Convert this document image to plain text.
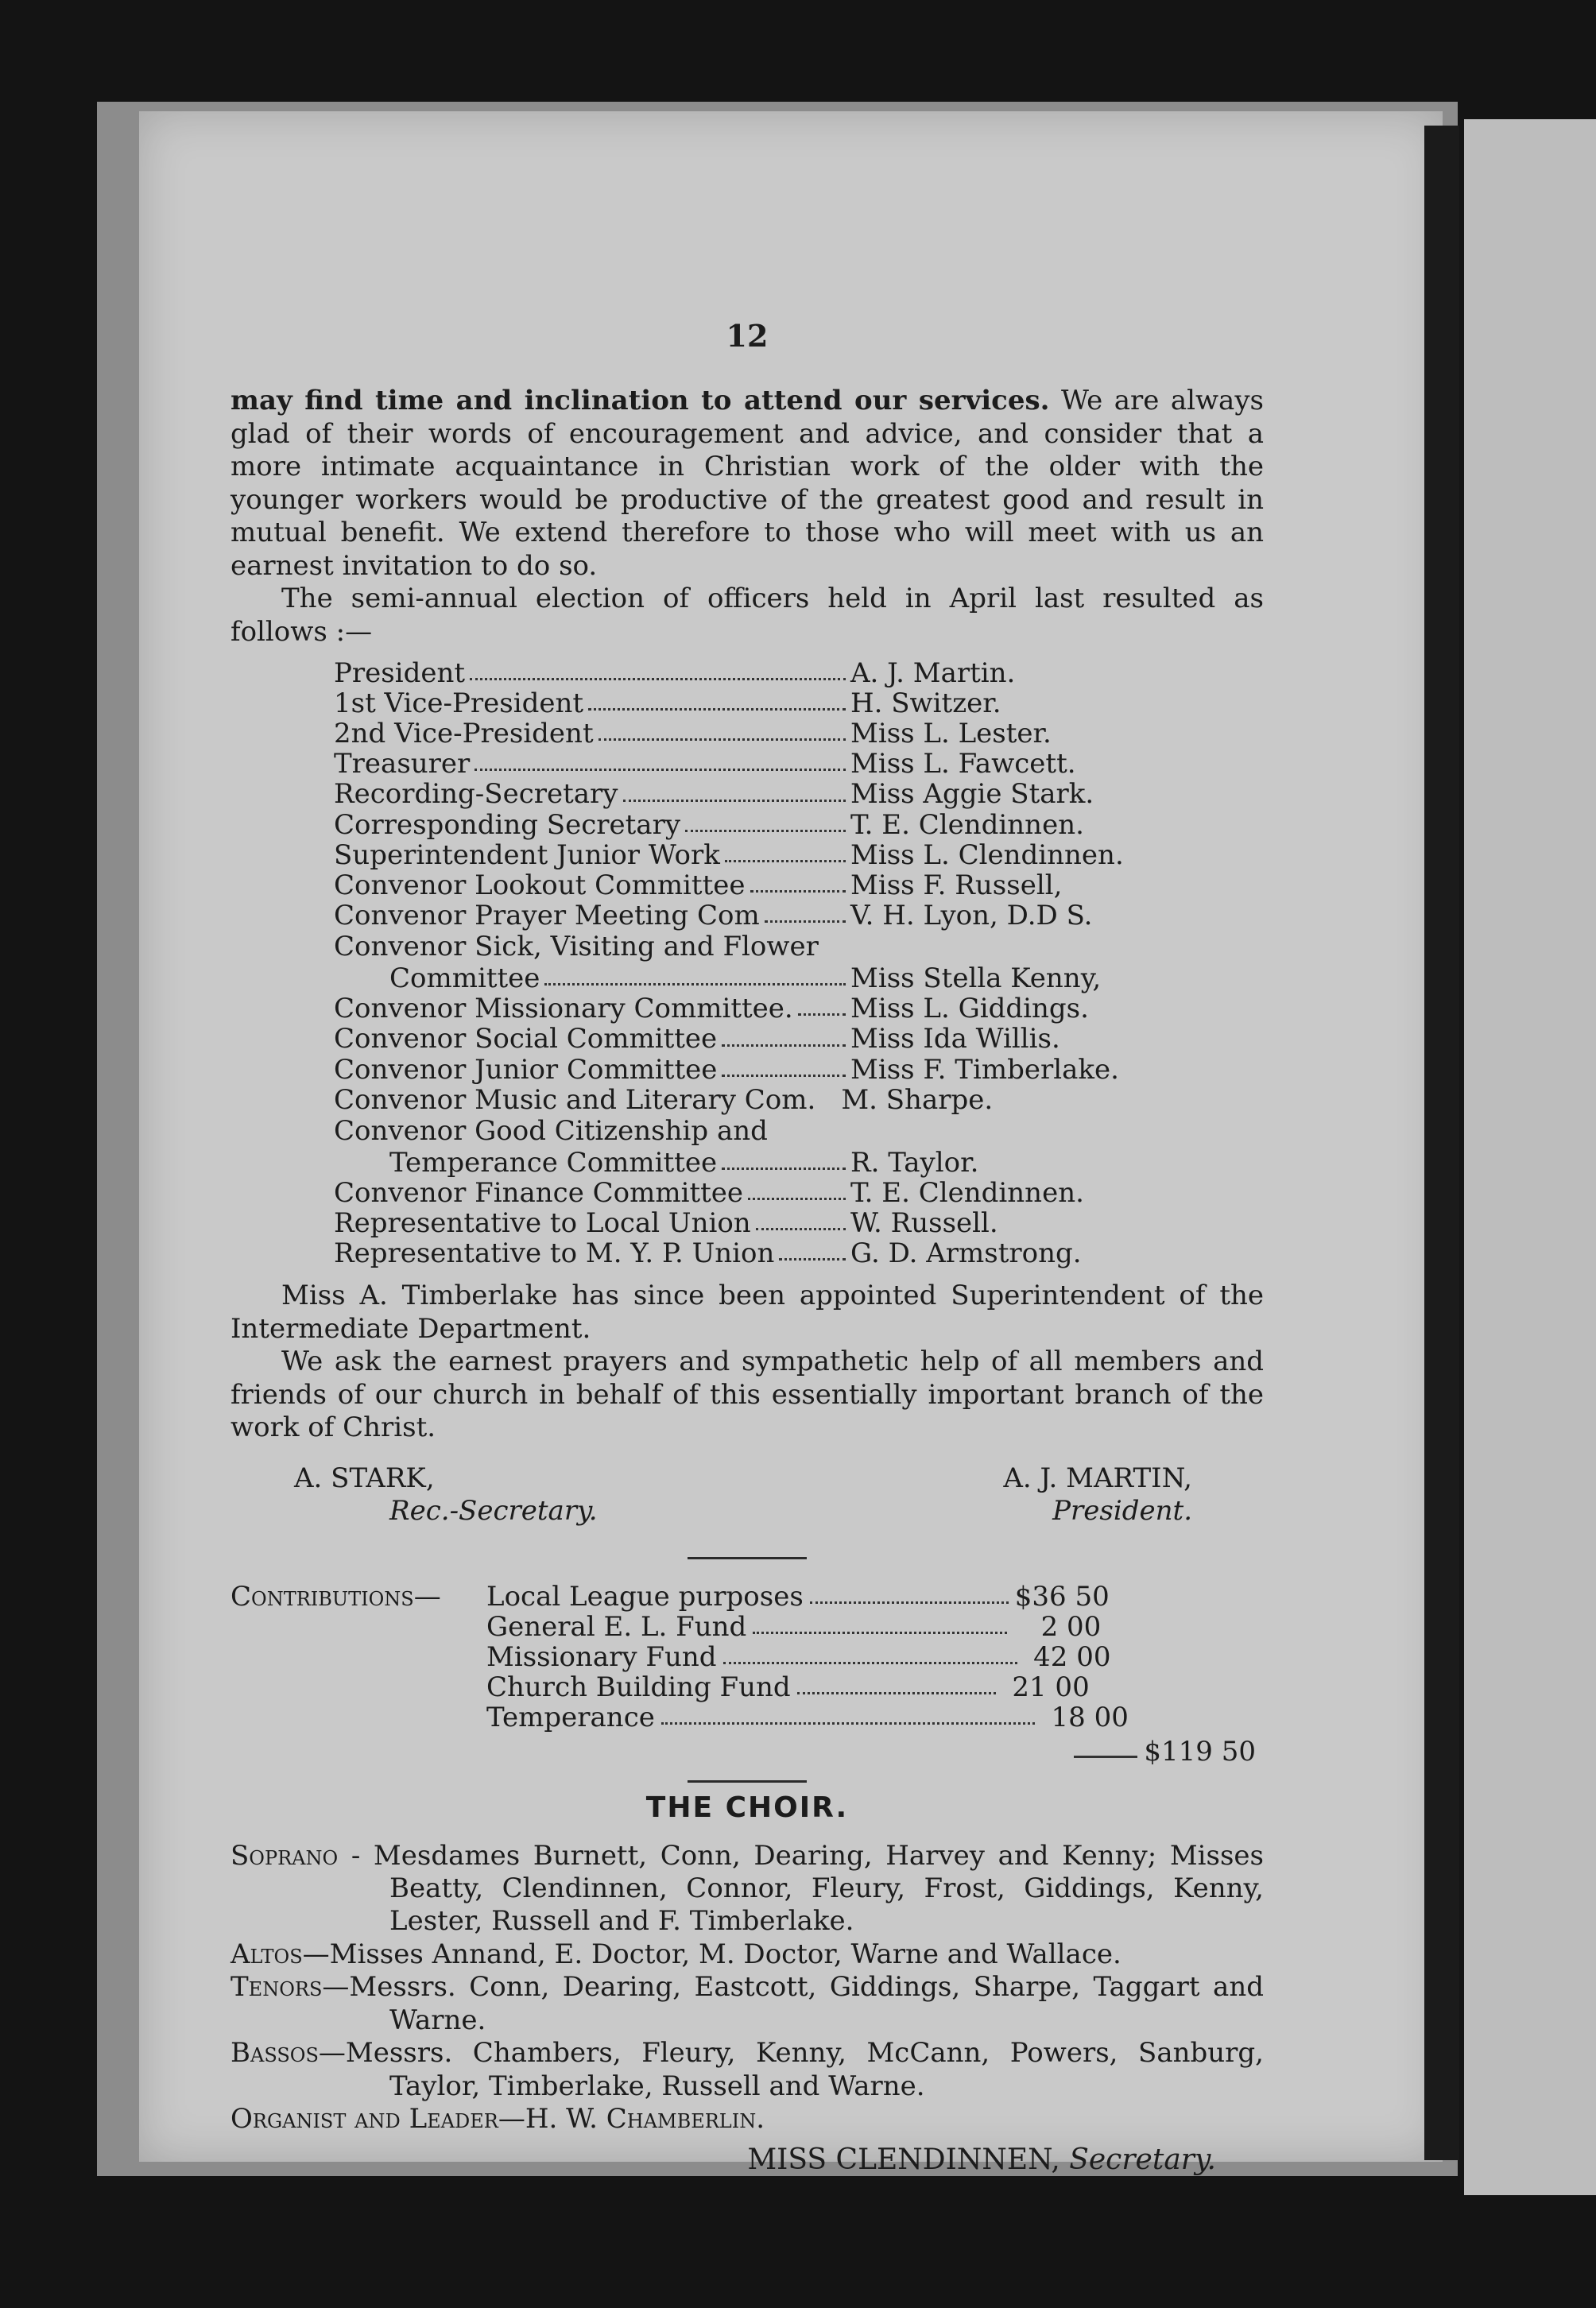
12

may find time and inclination to attend our services. We are always glad of their words of encouragement and advice, and consider that a more intimate acquaintance in Christian work of the older with the younger workers would be productive of the greatest good and result in mutual benefit. We extend therefore to those who will meet with us an earnest invitation to do so.

The semi-annual election of officers held in April last resulted as follows :—

President	A. J. Martin.
1st Vice-President	H. Switzer.
2nd Vice-President	Miss L. Lester.
Treasurer	Miss L. Fawcett.
Recording-Secretary	Miss Aggie Stark.
Corresponding Secretary	T. E. Clendinnen.
Superintendent Junior Work	Miss L. Clendinnen.
Convenor Lookout Committee	Miss F. Russell,
Convenor Prayer Meeting Com	V. H. Lyon, D.D S.
Convenor Sick, Visiting and Flower
Committee	Miss Stella Kenny,
Convenor Missionary Committee. Miss L. Giddings.
Convenor Social Committee	Miss Ida Willis.
Convenor Junior Committee	Miss F. Timberlake.
Convenor Music and Literary Com. M. Sharpe.
Convenor Good Citizenship and
Temperance Committee	R. Taylor.
Convenor Finance Committee	T. E. Clendinnen.
Representative to Local Union	W. Russell.
Representative to M. Y. P. Union	G. D. Armstrong.

Miss A. Timberlake has since been appointed Superintendent of the Intermediate Department.

We ask the earnest prayers and sympathetic help of all members and friends of our church in behalf of this essentially important branch of the work of Christ.

A. STARK,
Rec.-Secretary.
A. J. MARTIN,
President.
Contributions—	Local League purposes	$36 50
General E. L. Fund	2 00
Missionary Fund	42 00
Church Building Fund	21 00
Temperance	18 00
$119 50
THE CHOIR.

Soprano - Mesdames Burnett, Conn, Dearing, Harvey and Kenny; Misses Beatty, Clendinnen, Connor, Fleury, Frost, Giddings, Kenny, Lester, Russell and F. Timberlake.

Altos—Misses Annand, E. Doctor, M. Doctor, Warne and Wallace.

Tenors—Messrs. Conn, Dearing, Eastcott, Giddings, Sharpe, Taggart and Warne.

Bassos—Messrs. Chambers, Fleury, Kenny, McCann, Powers, Sanburg, Taylor, Timberlake, Russell and Warne.

Organist and Leader—H. W. Chamberlin.

MISS CLENDINNEN, Secretary.
